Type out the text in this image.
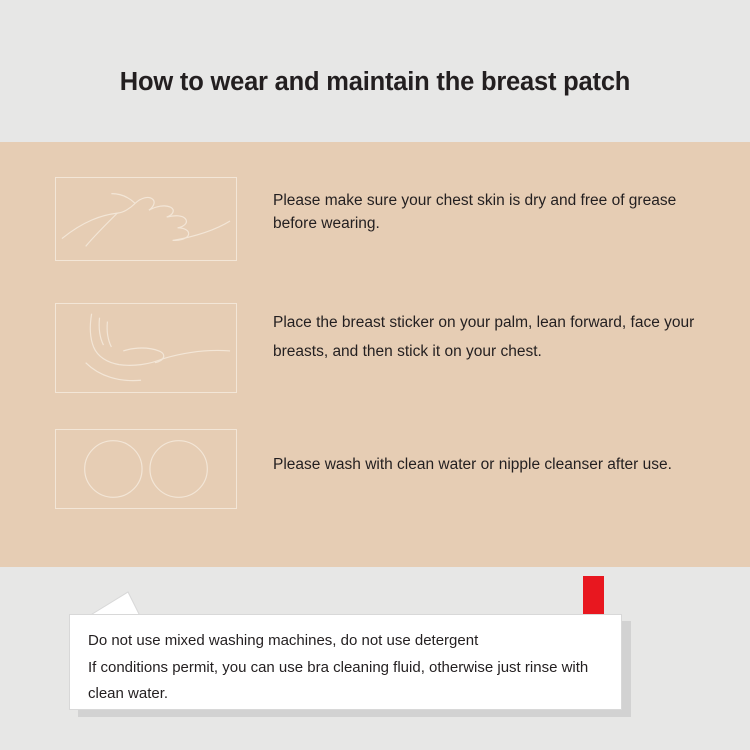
How to wear and maintain the breast patch
Please make sure your chest skin is dry and free of grease before wearing.
Place the breast sticker on your palm, lean forward, face your breasts, and then stick it on your chest.
Please wash with clean water or nipple cleanser after use.
Do not use mixed washing machines, do not use detergent
If conditions permit, you can use bra cleaning fluid, otherwise just rinse with clean water.
